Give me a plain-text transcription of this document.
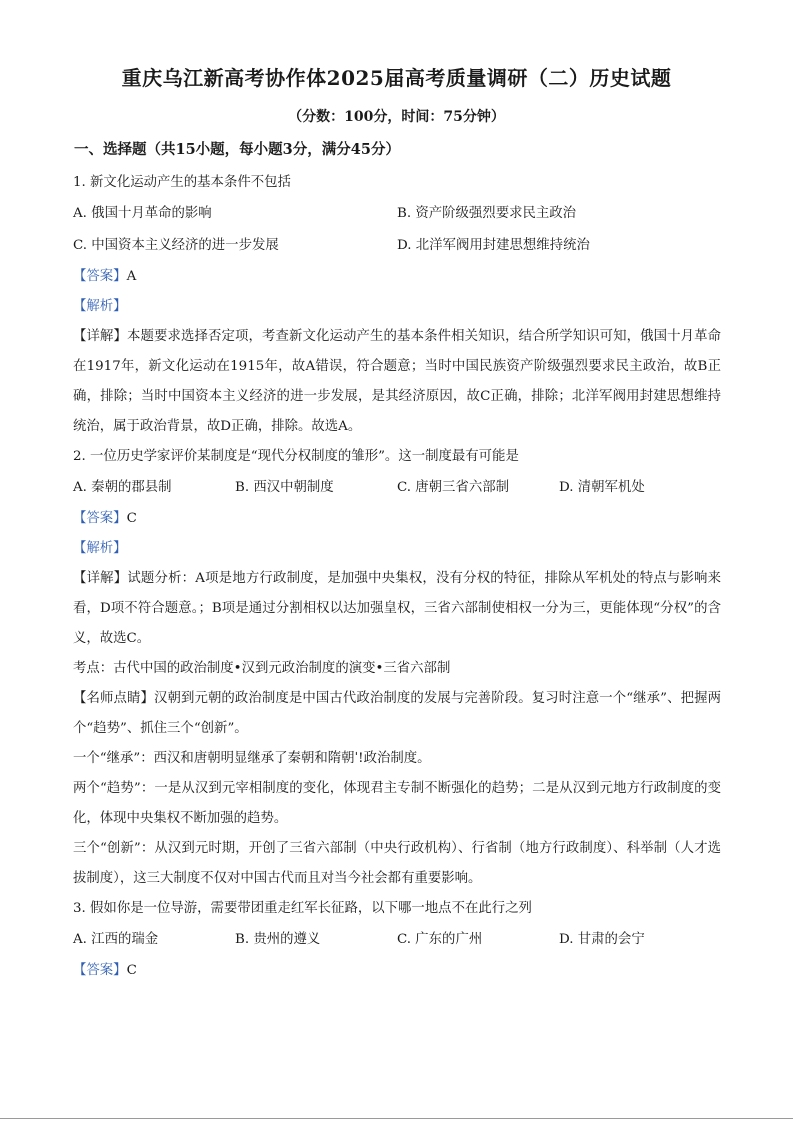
重庆乌江新高考协作体2025届高考质量调研（二）历史试题
（分数：100分，时间：75分钟）
一、选择题（共15小题，每小题3分，满分45分）
1. 新文化运动产生的基本条件不包括
A. 俄国十月革命的影响	B. 资产阶级强烈要求民主政治
C. 中国资本主义经济的进一步发展	D. 北洋军阀用封建思想维持统治
【答案】A
【解析】
【详解】本题要求选择否定项，考查新文化运动产生的基本条件相关知识，结合所学知识可知，俄国十月革命在1917年，新文化运动在1915年，故A错误，符合题意；当时中国民族资产阶级强烈要求民主政治，故B正确，排除；当时中国资本主义经济的进一步发展，是其经济原因，故C正确，排除；北洋军阀用封建思想维持统治，属于政治背景，故D正确，排除。故选A。
2. 一位历史学家评价某制度是“现代分权制度的雏形”。这一制度最有可能是
A. 秦朝的郡县制	B. 西汉中朝制度	C. 唐朝三省六部制	D. 清朝军机处
【答案】C
【解析】
【详解】试题分析：A项是地方行政制度，是加强中央集权，没有分权的特征，排除从军机处的特点与影响来看，D项不符合题意。；B项是通过分割相权以达加强皇权，三省六部制使相权一分为三，更能体现“分权”的含义，故选C。
考点：古代中国的政治制度•汉到元政治制度的演变•三省六部制
【名师点睛】汉朝到元朝的政治制度是中国古代政治制度的发展与完善阶段。复习时注意一个“继承”、把握两个“趋势”、抓住三个“创新”。
一个“继承”：西汉和唐朝明显继承了秦朝和隋朝ˈ!政治制度。
两个“趋势”：一是从汉到元宰相制度的变化，体现君主专制不断强化的趋势；二是从汉到元地方行政制度的变化，体现中央集权不断加强的趋势。
三个“创新”：从汉到元时期，开创了三省六部制（中央行政机构）、行省制（地方行政制度）、科举制（人才选拔制度），这三大制度不仅对中国古代而且对当今社会都有重要影响。
3. 假如你是一位导游，需要带团重走红军长征路，以下哪一地点不在此行之列
A. 江西的瑞金	B. 贵州的遵义	C. 广东的广州	D. 甘肃的会宁
【答案】C
